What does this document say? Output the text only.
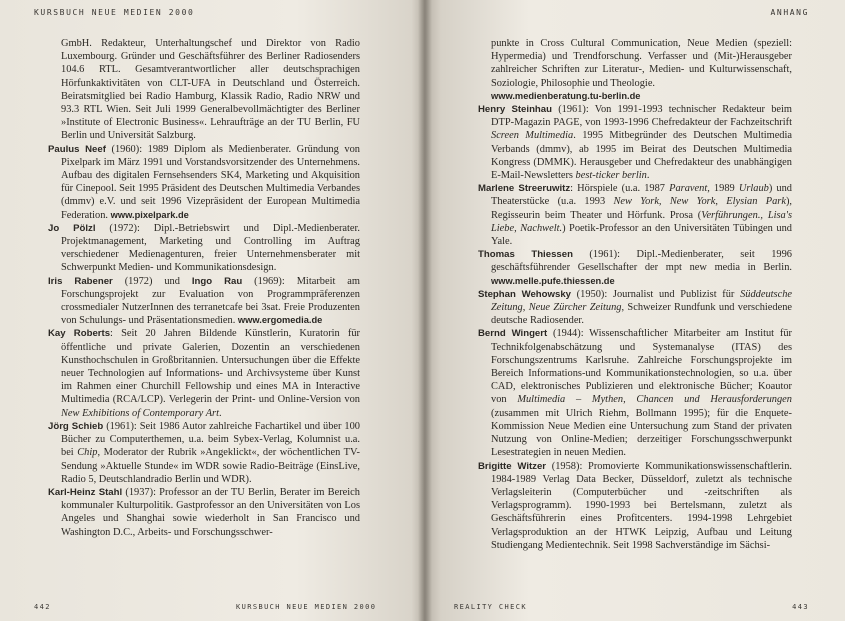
KURSBUCH NEUE MEDIEN 2000

GmbH. Redakteur, Unterhaltungschef und Direktor von Radio Luxembourg. Gründer und Geschäftsführer des Berliner Radiosenders 104.6 RTL. Gesamtverantwortlicher aller deutschsprachigen Hörfunkaktivitäten von CLT-UFA in Deutschland und Österreich. Beiratsmitglied bei Radio Hamburg, Klassik Radio, Radio NRW und 93.3 RTL Wien. Seit Juli 1999 Generalbevollmächtigter des Berliner »Institute of Electronic Business«. Lehraufträge an der TU Berlin, FU Berlin und Universität Salzburg.

Paulus Neef (1960): 1989 Diplom als Medienberater. Gründung von Pixelpark im März 1991 und Vorstandsvorsitzender des Unternehmens. Aufbau des digitalen Fernsehsenders SK4, Marketing und Akquisition für Cinepool. Seit 1995 Präsident des Deutschen Multimedia Verbandes (dmmv) e.V. und seit 1996 Vizepräsident der European Multimedia Federation. www.pixelpark.de

Jo Pölzl (1972): Dipl.-Betriebswirt und Dipl.-Medienberater. Projektmanagement, Marketing und Controlling im Auftrag verschiedener Medienagenturen, freier Unternehmensberater mit Schwerpunkt Medien- und Kommunikationsdesign.

Iris Rabener (1972) und Ingo Rau (1969): Mitarbeit am Forschungsprojekt zur Evaluation von Programmpräferenzen crossmedialer NutzerInnen des terranetcafe bei 3sat. Freie Produzenten von Schulungs- und Präsentationsmedien. www.ergomedia.de

Kay Roberts: Seit 20 Jahren Bildende Künstlerin, Kuratorin für öffentliche und private Galerien, Dozentin an verschiedenen Kunsthochschulen in Großbritannien. Untersuchungen über die Effekte neuer Technologien auf Informations- und Archivsysteme über Kunst im Rahmen einer Churchill Fellowship und eines MA in Interactive Multimedia (RCA/LCP). Verlegerin der Print- und Online-Version von New Exhibitions of Contemporary Art.

Jörg Schieb (1961): Seit 1986 Autor zahlreiche Fachartikel und über 100 Bücher zu Computerthemen, u.a. beim Sybex-Verlag, Kolumnist u.a. bei Chip, Moderator der Rubrik »Angeklickt«, der wöchentlichen TV-Sendung »Aktuelle Stunde« im WDR sowie Radio-Beiträge (EinsLive, Radio 5, Deutschlandradio Berlin und WDR).

Karl-Heinz Stahl (1937): Professor an der TU Berlin, Berater im Bereich kommunaler Kulturpolitik. Gastprofessor an den Universitäten von Los Angeles und Shanghai sowie wiederholt in San Francisco und Washington D.C., Arbeits- und Forschungsschwer-

442	KURSBUCH NEUE MEDIEN 2000
ANHANG

punkte in Cross Cultural Communication, Neue Medien (speziell: Hypermedia) und Trendforschung. Verfasser und (Mit-)Herausgeber zahlreicher Schriften zur Literatur-, Medien- und Kulturwissenschaft, Soziologie, Philosophie und Theologie.
www.medienberatung.tu-berlin.de

Henry Steinhau (1961): Von 1991-1993 technischer Redakteur beim DTP-Magazin PAGE, von 1993-1996 Chefredakteur der Fachzeitschrift Screen Multimedia. 1995 Mitbegründer des Deutschen Multimedia Verbands (dmmv), ab 1995 im Beirat des Deutschen Multimedia Kongress (DMMK). Herausgeber und Chefredakteur des unabhängigen E-Mail-Newsletters best-ticker berlin.

Marlene Streeruwitz: Hörspiele (u.a. 1987 Paravent, 1989 Urlaub) und Theaterstücke (u.a. 1993 New York, New York, Elysian Park), Regisseurin beim Theater und Hörfunk. Prosa (Verführungen., Lisa's Liebe, Nachwelt.) Poetik-Professor an den Universitäten Tübingen und Yale.

Thomas Thiessen (1961): Dipl.-Medienberater, seit 1996 geschäftsführender Gesellschafter der mpt new media in Berlin. www.melle.pufe.thiessen.de

Stephan Wehowsky (1950): Journalist und Publizist für Süddeutsche Zeitung, Neue Zürcher Zeitung, Schweizer Rundfunk und verschiedene deutsche Radiosender.

Bernd Wingert (1944): Wissenschaftlicher Mitarbeiter am Institut für Technikfolgenabschätzung und Systemanalyse (ITAS) des Forschungszentrums Karlsruhe. Zahlreiche Forschungsprojekte im Bereich Informations-und Kommunikationstechnologien, so u.a. über CAD, elektronisches Publizieren und elektronische Bücher; Koautor von Multimedia – Mythen, Chancen und Herausforderungen (zusammen mit Ulrich Riehm, Bollmann 1995); für die Enquete-Kommission Neue Medien eine Untersuchung zum Stand der privaten Nutzung von Online-Medien; derzeitiger Forschungsschwerpunkt Lesestrategien in neuen Medien.

Brigitte Witzer (1958): Promovierte Kommunikationswissenschaftlerin. 1984-1989 Verlag Data Becker, Düsseldorf, zuletzt als technische Verlagsleiterin (Computerbücher und -zeitschriften als Verlagsprogramm). 1990-1993 bei Bertelsmann, zuletzt als Geschäftsführerin eines Profitcenters. 1994-1998 Lehrgebiet Verlagsproduktion an der HTWK Leipzig, Aufbau und Leitung Studiengang Medientechnik. Seit 1998 Sachverständige im Sächsi-

REALITY CHECK	443
